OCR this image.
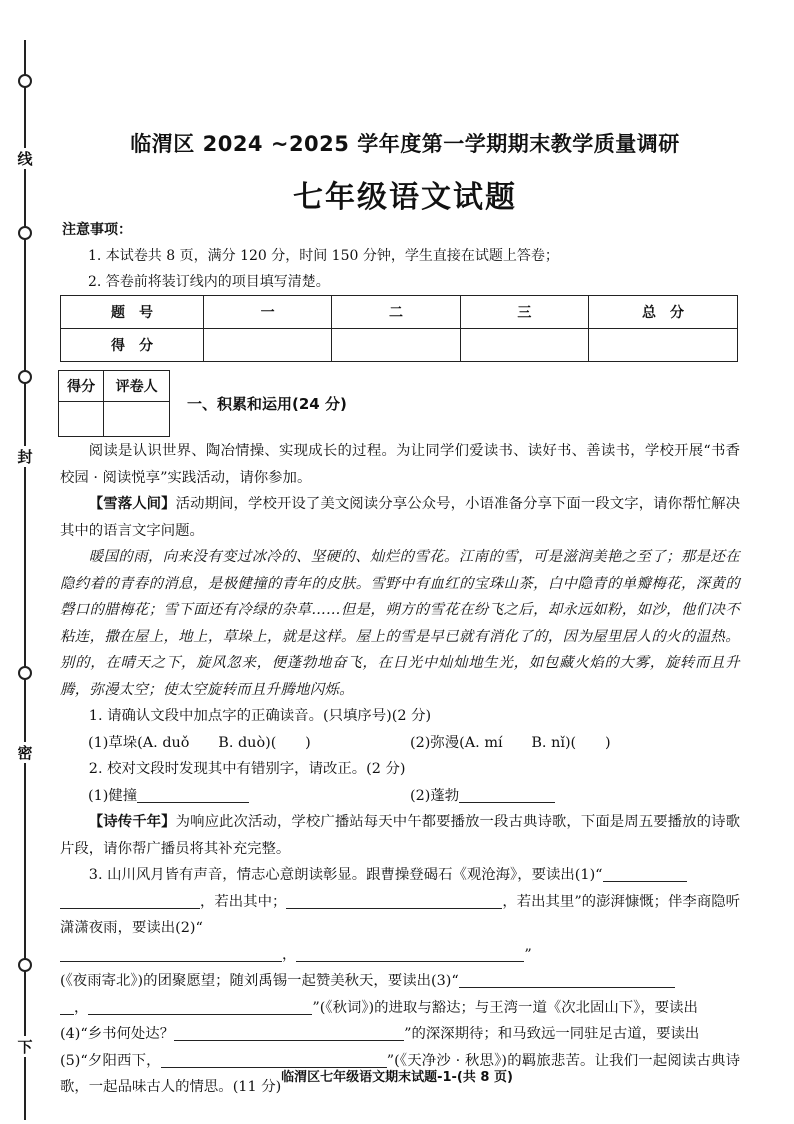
线
封
密
下
临渭区 2024 ~2025 学年度第一学期期末教学质量调研
七年级语文试题
注意事项：
1. 本试卷共 8 页，满分 120 分，时间 150 分钟，学生直接在试题上答卷；
2. 答卷前将装订线内的项目填写清楚。
题　号	一	二	三	总　分
得　分				
得分	评卷人

一、积累和运用(24 分)

阅读是认识世界、陶冶情操、实现成长的过程。为让同学们爱读书、读好书、善读书，学校开展“书香校园 · 阅读悦享”实践活动，请你参加。

【雪落人间】活动期间，学校开设了美文阅读分享公众号，小语准备分享下面一段文字，请你帮忙解决其中的语言文字问题。

暖国的雨，向来没有变过冰冷的、坚硬的、灿烂的雪花。江南的雪，可是滋润美艳之至了；那是还在隐约着的青春的消息，是极健撞的青年的皮肤。雪野中有血红的宝珠山茶，白中隐青的单瓣梅花，深黄的磬口的腊梅花；雪下面还有冷绿的杂草……但是，朔方的雪花在纷飞之后，却永远如粉，如沙，他们决不粘连，撒在屋上，地上，草垛上，就是这样。屋上的雪是早已就有消化了的，因为屋里居人的火的温热。别的，在晴天之下，旋风忽来，便蓬勃地奋飞，在日光中灿灿地生光，如包藏火焰的大雾，旋转而且升腾，弥漫太空；使太空旋转而且升腾地闪烁。

1. 请确认文段中加点字的正确读音。(只填序号)(2 分)

(1)草垛(A. duǒ　　B. duò)(　　)	(2)弥漫(A. mí　　B. nǐ)(　　)

2. 校对文段时发现其中有错别字，请改正。(2 分)

(1)健撞	(2)蓬勃

【诗传千年】为响应此次活动，学校广播站每天中午都要播放一段古典诗歌，下面是周五要播放的诗歌片段，请你帮广播员将其补充完整。

3. 山川风月皆有声音，情志心意朗读彰显。跟曹操登碣石《观沧海》，要读出(1)“
，若出其中；	，若出其里”的澎湃慷慨；伴李商隐听潇潇夜雨，要读出(2)“
，	”
(《夜雨寄北》)的团聚愿望；随刘禹锡一起赞美秋天，要读出(3)“
，	”(《秋词》)的进取与豁达；与王湾一道《次北固山下》，要读出
(4)“乡书何处达？	”的深深期待；和马致远一同驻足古道，要读出
(5)“夕阳西下，	”(《天净沙 · 秋思》)的羁旅悲苦。让我们一起阅读古典诗歌，一起品味古人的情思。(11 分)

临渭区七年级语文期末试题-1-(共 8 页)
